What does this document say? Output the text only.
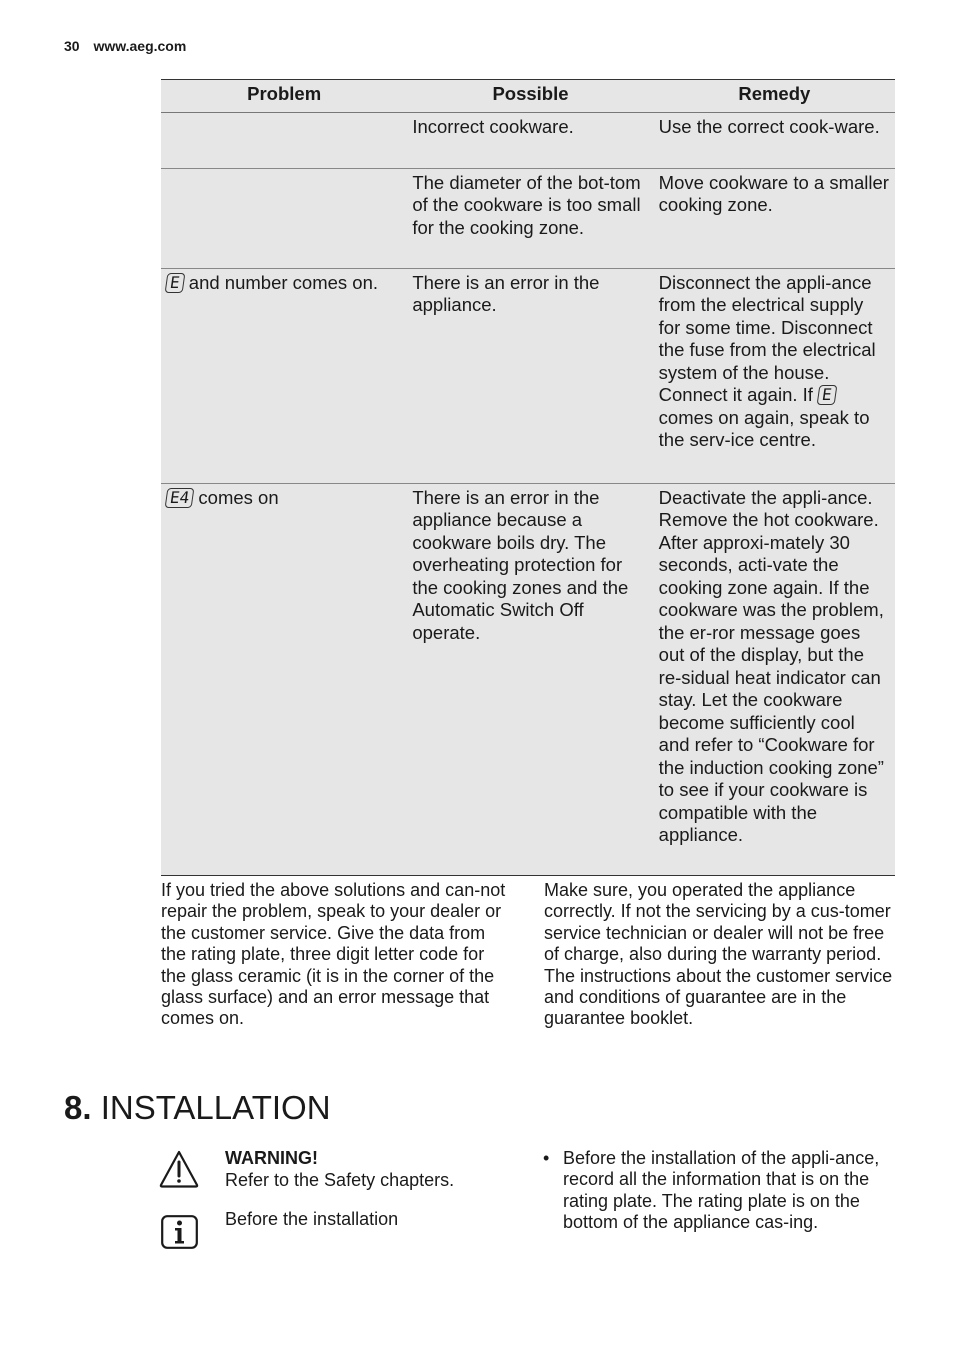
30 www.aeg.com
Problem	Possible	Remedy
	Incorrect cookware.	Use the correct cook-ware.
	The diameter of the bot-tom of the cookware is too small for the cooking zone.	Move cookware to a smaller cooking zone.
E and number comes on.	There is an error in the appliance.	Disconnect the appli-ance from the electrical supply for some time. Disconnect the fuse from the electrical system of the house. Connect it again. If E comes on again, speak to the serv-ice centre.
E4 comes on	There is an error in the appliance because a cookware boils dry. The overheating protection for the cooking zones and the Automatic Switch Off operate.	Deactivate the appli-ance. Remove the hot cookware. After approxi-mately 30 seconds, acti-vate the cooking zone again. If the cookware was the problem, the er-ror message goes out of the display, but the re-sidual heat indicator can stay. Let the cookware become sufficiently cool and refer to “Cookware for the induction cooking zone” to see if your cookware is compatible with the appliance.
If you tried the above solutions and can-not repair the problem, speak to your dealer or the customer service. Give the data from the rating plate, three digit letter code for the glass ceramic (it is in the corner of the glass surface) and an error message that comes on.
Make sure, you operated the appliance correctly. If not the servicing by a cus-tomer service technician or dealer will not be free of charge, also during the warranty period. The instructions about the customer service and conditions of guarantee are in the guarantee booklet.
8. INSTALLATION
WARNING!
Refer to the Safety chapters.
Before the installation
• Before the installation of the appli-ance, record all the information that is on the rating plate. The rating plate is on the bottom of the appliance cas-ing.
